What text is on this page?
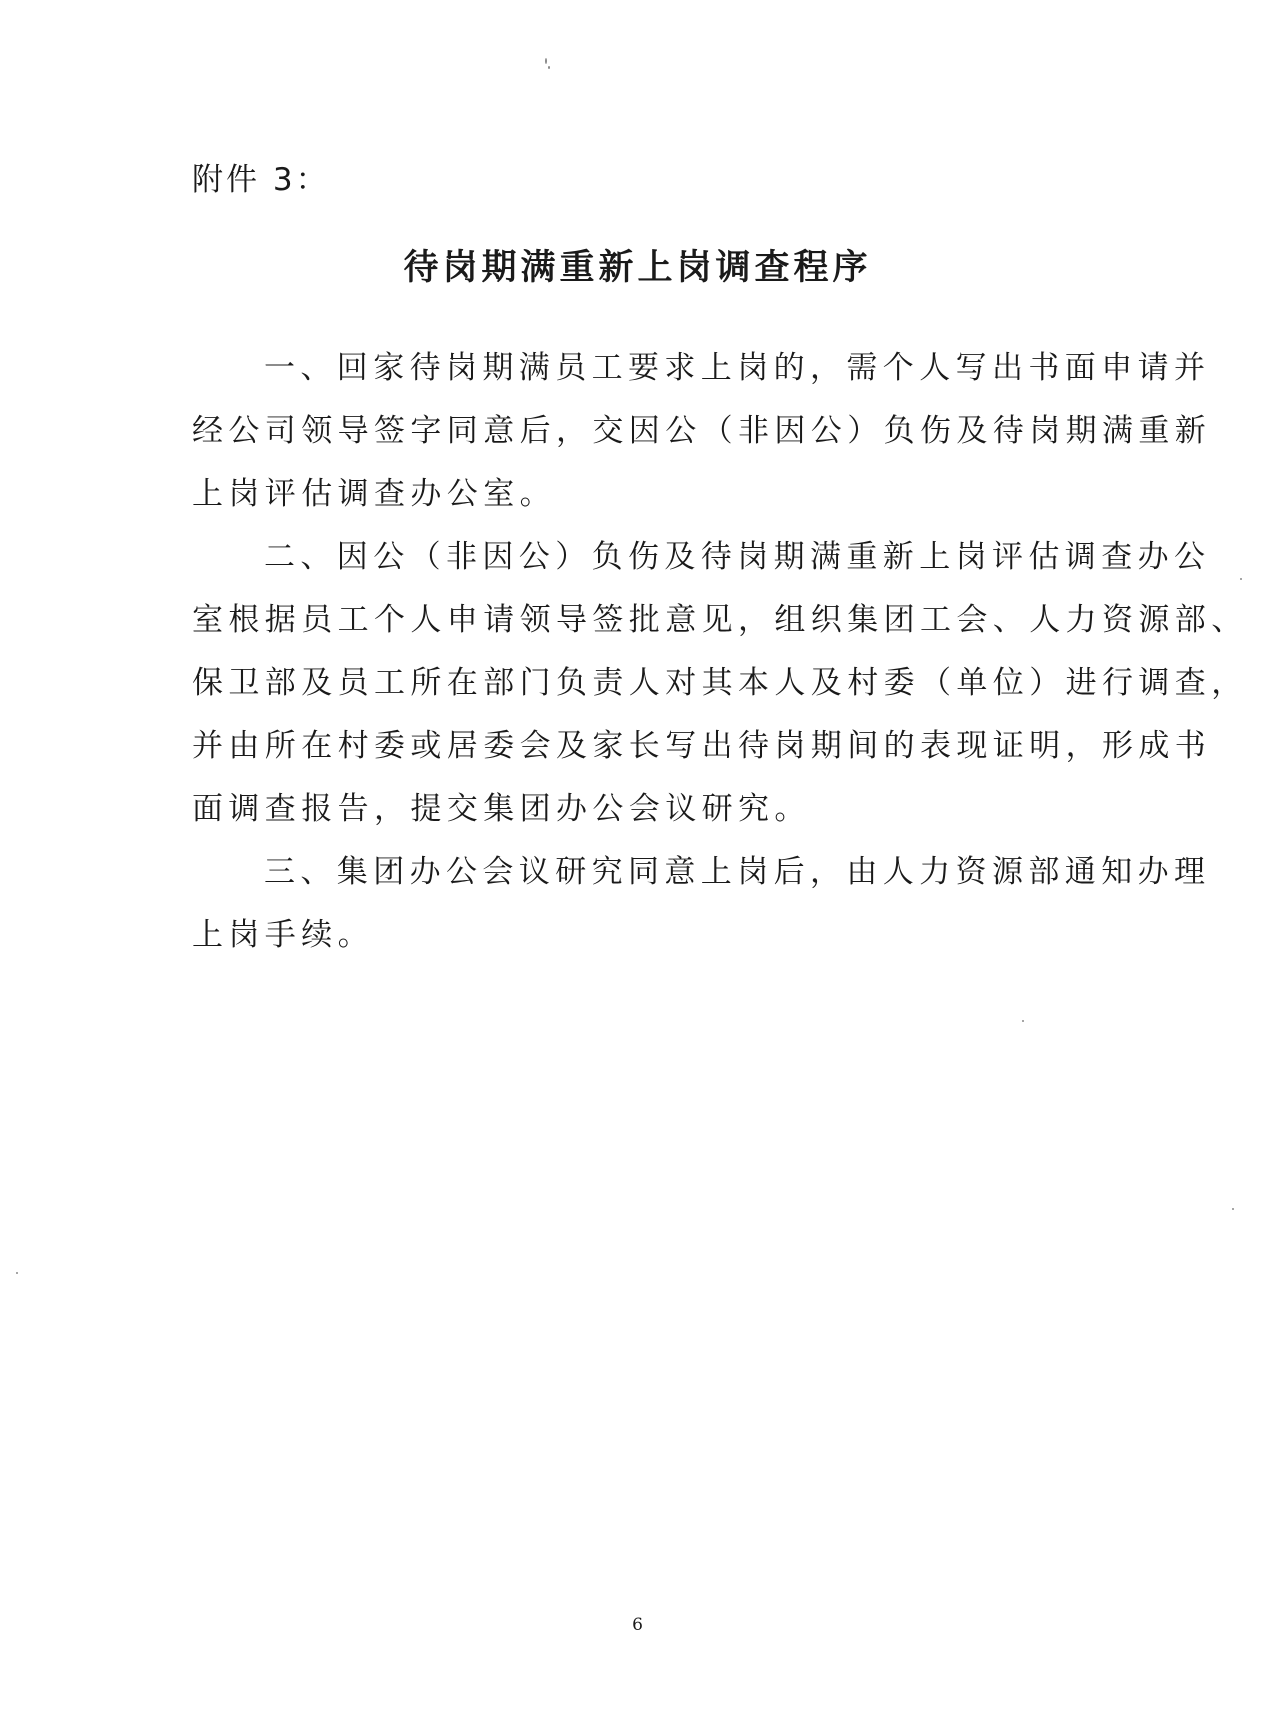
附件 3：
待岗期满重新上岗调查程序

一、回家待岗期满员工要求上岗的，需个人写出书面申请并
经公司领导签字同意后，交因公（非因公）负伤及待岗期满重新
上岗评估调查办公室。

二、因公（非因公）负伤及待岗期满重新上岗评估调查办公
室根据员工个人申请领导签批意见，组织集团工会、人力资源部、
保卫部及员工所在部门负责人对其本人及村委（单位）进行调查，
并由所在村委或居委会及家长写出待岗期间的表现证明，形成书
面调查报告，提交集团办公会议研究。

三、集团办公会议研究同意上岗后，由人力资源部通知办理
上岗手续。

6
